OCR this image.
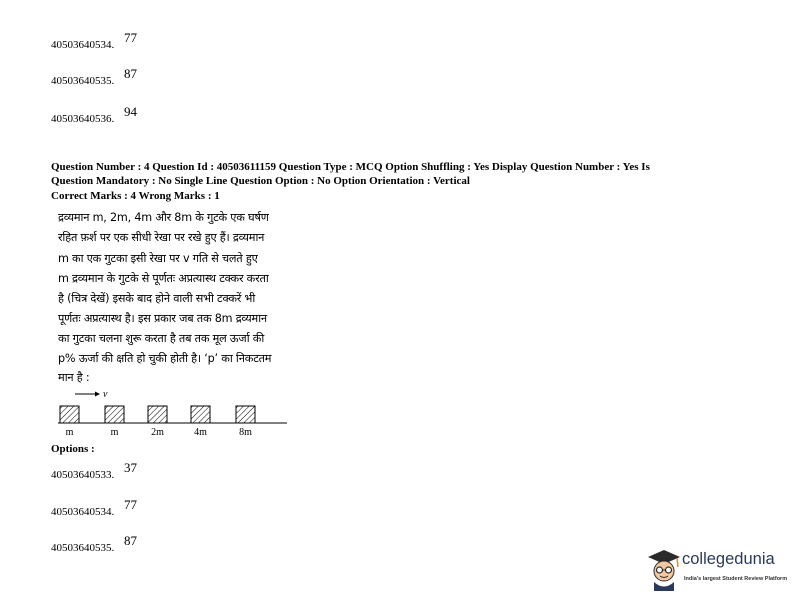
40503640534. 77
40503640535. 87
40503640536. 94
Question Number : 4 Question Id : 40503611159 Question Type : MCQ Option Shuffling : Yes Display Question Number : Yes Is
Question Mandatory : No Single Line Question Option : No Option Orientation : Vertical
Correct Marks : 4 Wrong Marks : 1
द्रव्यमान m, 2m, 4m और 8m के गुटके एक घर्षण
रहित फ़र्श पर एक सीधी रेखा पर रखे हुए हैं। द्रव्यमान
m का एक गुटका इसी रेखा पर v गति से चलते हुए
m द्रव्यमान के गुटके से पूर्णतः अप्रत्यास्थ टक्कर करता
है (चित्र देखें) इसके बाद होने वाली सभी टक्करें भी
पूर्णतः अप्रत्यास्थ है। इस प्रकार जब तक 8m द्रव्यमान
का गुटका चलना शुरू करता है तब तक मूल ऊर्जा की
p% ऊर्जा की क्षति हो चुकी होती है। ‘p’ का निकटतम
मान है :
v
m	m	2m	4m	8m
Options :
40503640533. 37
40503640534. 77
40503640535. 87
collegedunia
India's largest Student Review Platform
